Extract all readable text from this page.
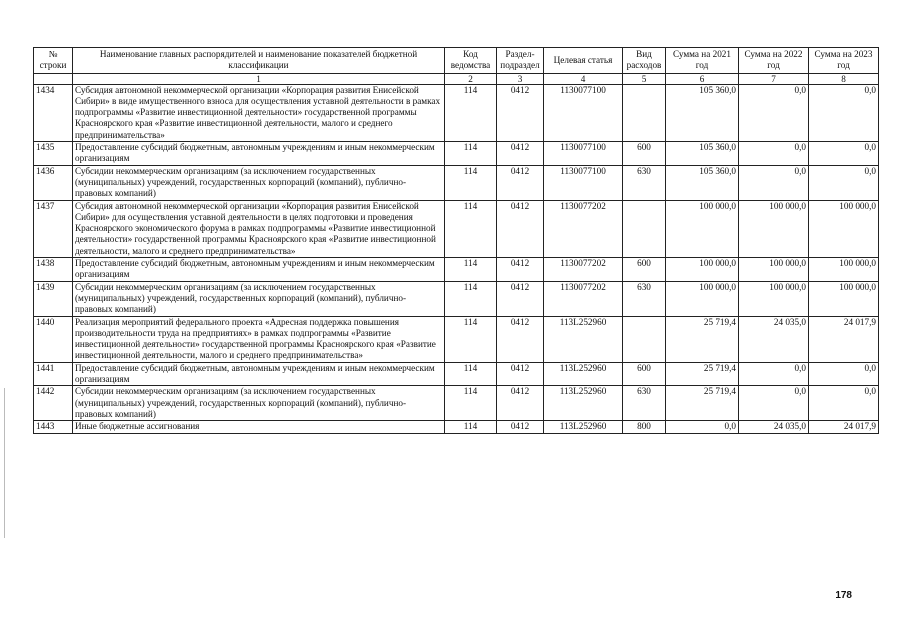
№ строки	Наименование главных распорядителей и наименование показателей бюджетной классификации	Код ведомства	Раздел-подраздел	Целевая статья	Вид расходов	Сумма на 2021 год	Сумма на 2022 год	Сумма на 2023 год
	1	2	3	4	5	6	7	8
1434	Субсидия автономной некоммерческой организации «Корпорация развития Енисейской Сибири» в виде имущественного взноса для осуществления уставной деятельности в рамках подпрограммы «Развитие инвестиционной деятельности» государственной программы Красноярского края «Развитие инвестиционной деятельности, малого и среднего предпринимательства»	114	0412	1130077100		105 360,0	0,0	0,0
1435	Предоставление субсидий бюджетным, автономным учреждениям и иным некоммерческим организациям	114	0412	1130077100	600	105 360,0	0,0	0,0
1436	Субсидии некоммерческим организациям (за исключением государственных (муниципальных) учреждений, государственных корпораций (компаний), публично-правовых компаний)	114	0412	1130077100	630	105 360,0	0,0	0,0
1437	Субсидия автономной некоммерческой организации «Корпорация развития Енисейской Сибири» для осуществления уставной деятельности в целях подготовки и проведения Красноярского экономического форума в рамках подпрограммы «Развитие инвестиционной деятельности» государственной программы Красноярского края «Развитие инвестиционной деятельности, малого и среднего предпринимательства»	114	0412	1130077202		100 000,0	100 000,0	100 000,0
1438	Предоставление субсидий бюджетным, автономным учреждениям и иным некоммерческим организациям	114	0412	1130077202	600	100 000,0	100 000,0	100 000,0
1439	Субсидии некоммерческим организациям (за исключением государственных (муниципальных) учреждений, государственных корпораций (компаний), публично-правовых компаний)	114	0412	1130077202	630	100 000,0	100 000,0	100 000,0
1440	Реализация мероприятий федерального проекта «Адресная поддержка повышения производительности труда на предприятиях» в рамках подпрограммы «Развитие инвестиционной деятельности» государственной программы Красноярского края «Развитие инвестиционной деятельности, малого и среднего предпринимательства»	114	0412	113L252960		25 719,4	24 035,0	24 017,9
1441	Предоставление субсидий бюджетным, автономным учреждениям и иным некоммерческим организациям	114	0412	113L252960	600	25 719,4	0,0	0,0
1442	Субсидии некоммерческим организациям (за исключением государственных (муниципальных) учреждений, государственных корпораций (компаний), публично-правовых компаний)	114	0412	113L252960	630	25 719,4	0,0	0,0
1443	Иные бюджетные ассигнования	114	0412	113L252960	800	0,0	24 035,0	24 017,9
178
